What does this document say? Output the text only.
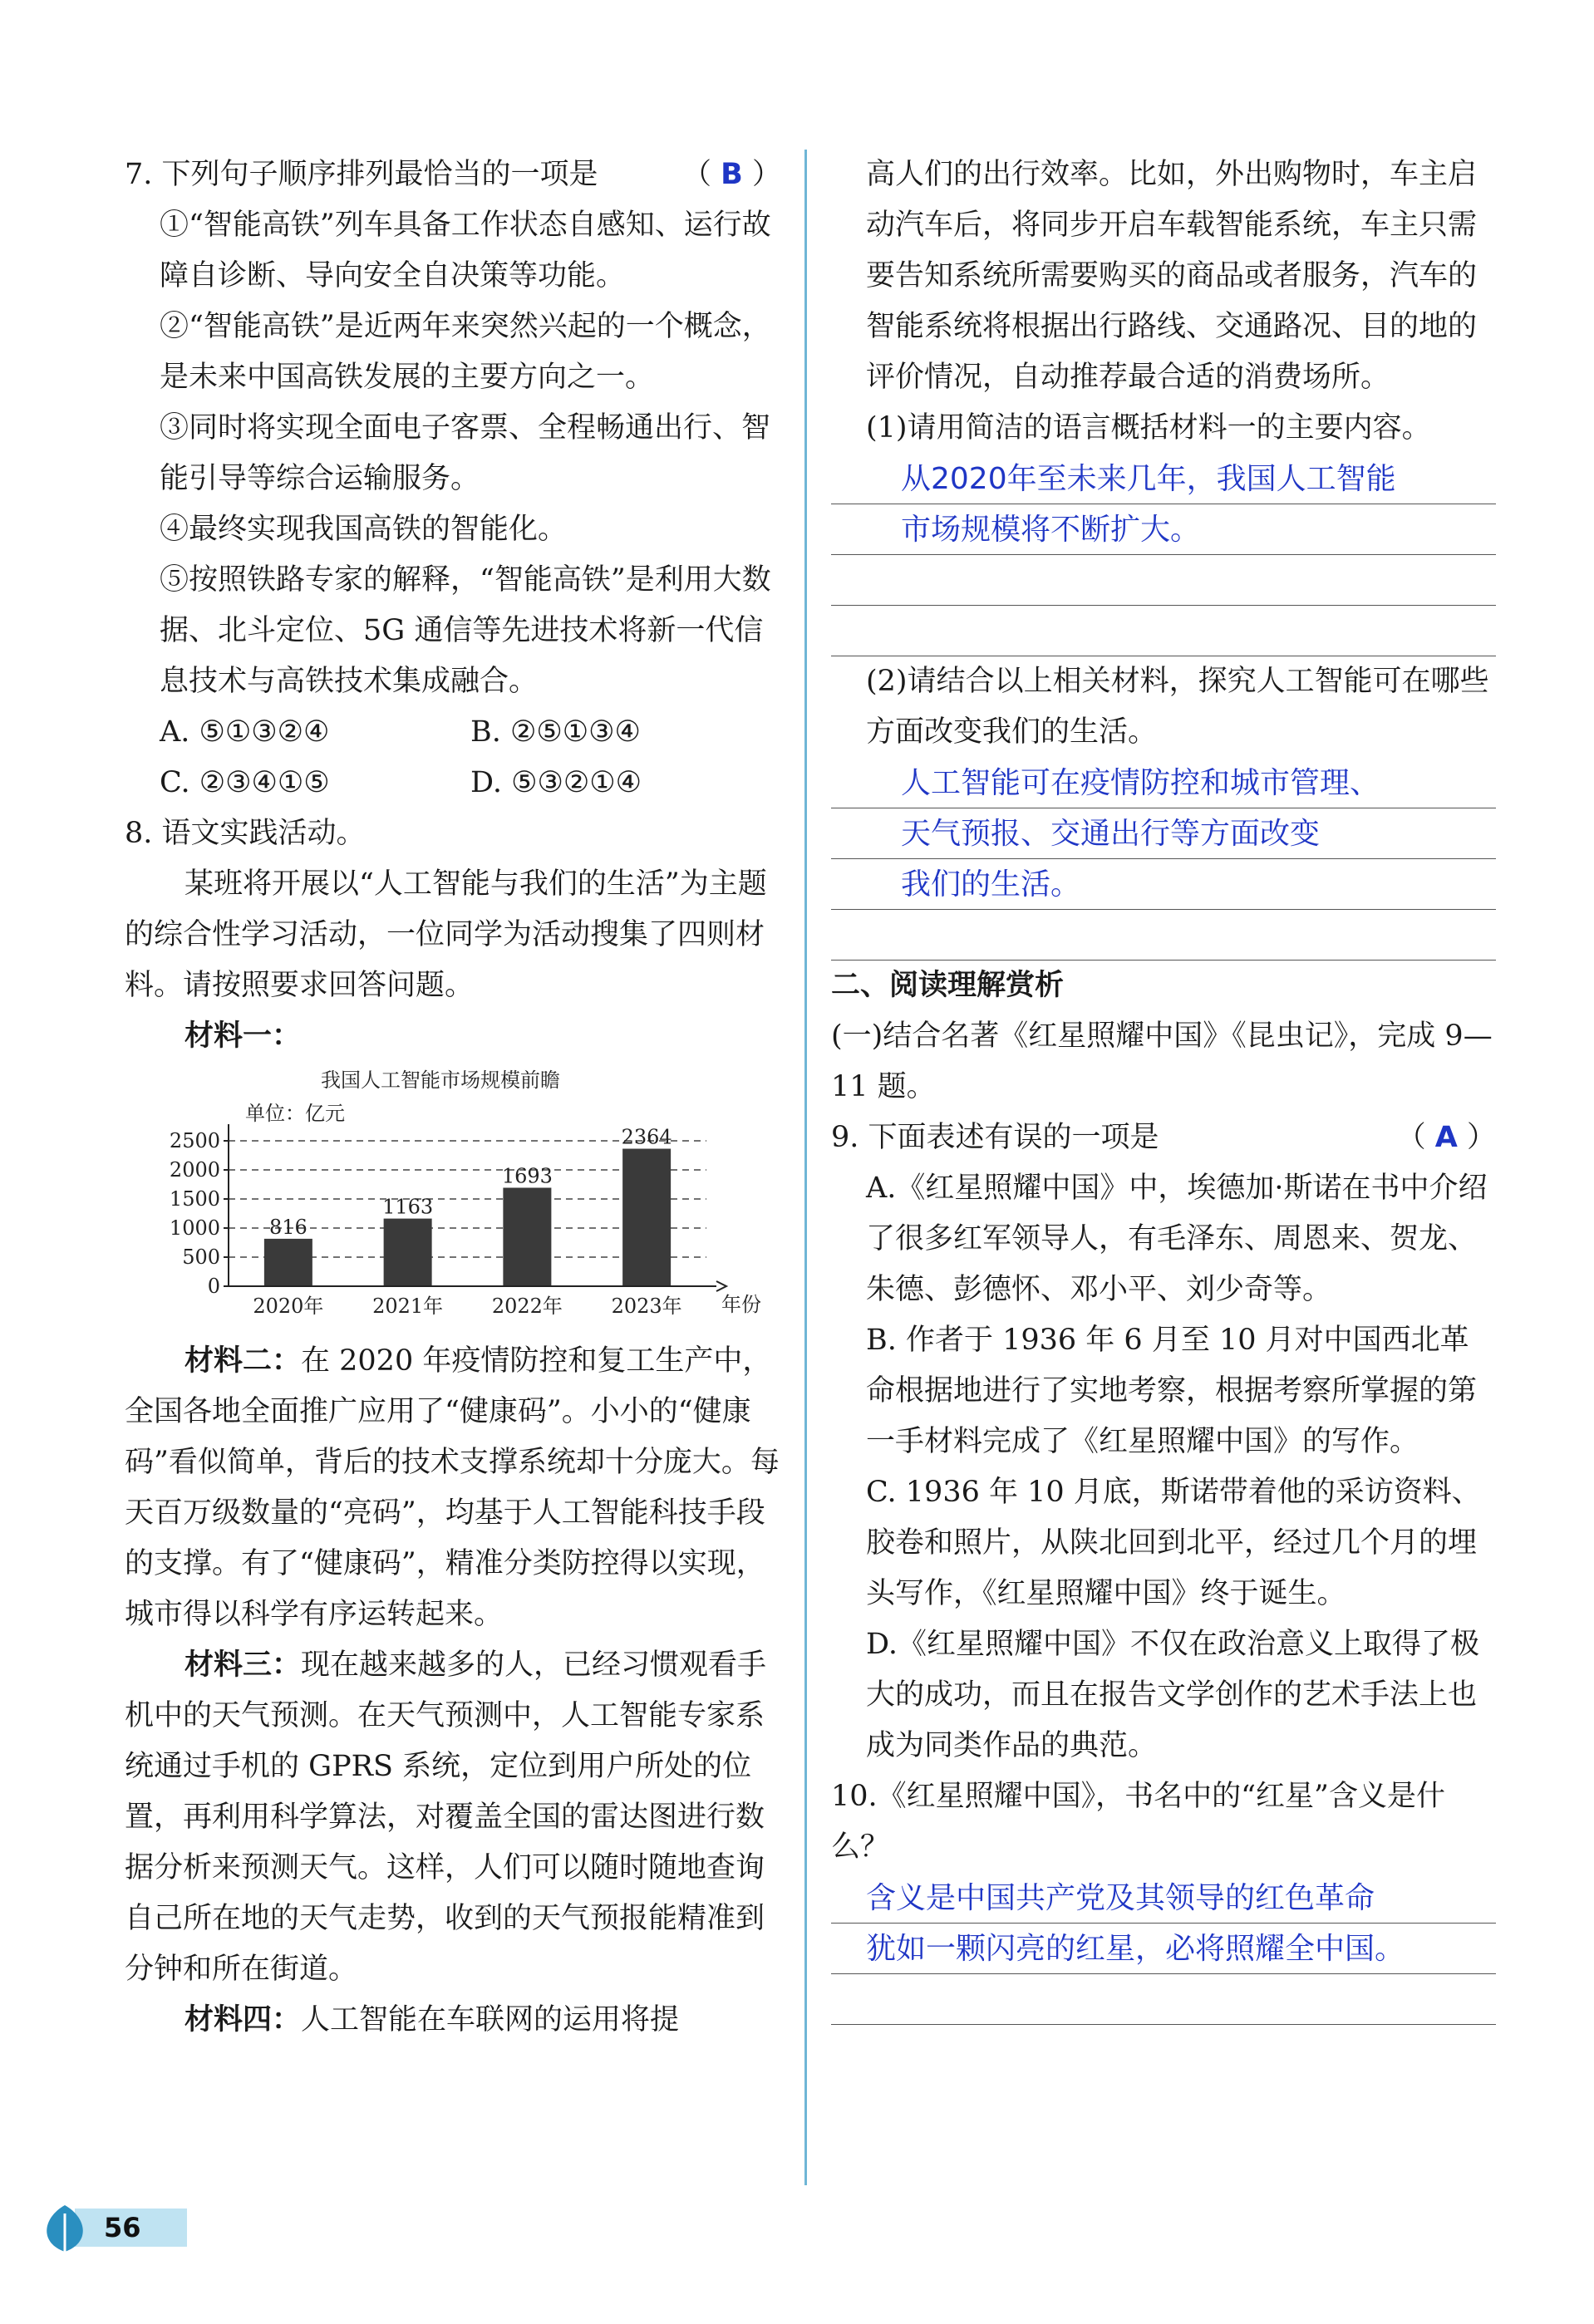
7. 下列句子顺序排列最恰当的一项是	（ B ）

①“智能高铁”列车具备工作状态自感知、运行故障自诊断、导向安全自决策等功能。

②“智能高铁”是近两年来突然兴起的一个概念，是未来中国高铁发展的主要方向之一。

③同时将实现全面电子客票、全程畅通出行、智能引导等综合运输服务。

④最终实现我国高铁的智能化。

⑤按照铁路专家的解释，“智能高铁”是利用大数据、北斗定位、5G 通信等先进技术将新一代信息技术与高铁技术集成融合。

A. ⑤①③②④	B. ②⑤①③④
C. ②③④①⑤	D. ⑤③②①④

8. 语文实践活动。

某班将开展以“人工智能与我们的生活”为主题的综合性学习活动，一位同学为活动搜集了四则材料。请按照要求回答问题。

材料一：

我国人工智能市场规模前瞻
单位：亿元
816
2020年
1163
2021年
1693
2022年
2364
2023年
0
500
1000
1500
2000
2500
年份

材料二：在 2020 年疫情防控和复工生产中，全国各地全面推广应用了“健康码”。小小的“健康码”看似简单，背后的技术支撑系统却十分庞大。每天百万级数量的“亮码”，均基于人工智能科技手段的支撑。有了“健康码”，精准分类防控得以实现，城市得以科学有序运转起来。

材料三：现在越来越多的人，已经习惯观看手机中的天气预测。在天气预测中，人工智能专家系统通过手机的 GPRS 系统，定位到用户所处的位置，再利用科学算法，对覆盖全国的雷达图进行数据分析来预测天气。这样，人们可以随时随地查询自己所在地的天气走势，收到的天气预报能精准到分钟和所在街道。

材料四：人工智能在车联网的运用将提

高人们的出行效率。比如，外出购物时，车主启动汽车后，将同步开启车载智能系统，车主只需要告知系统所需要购买的商品或者服务，汽车的智能系统将根据出行路线、交通路况、目的地的评价情况，自动推荐最合适的消费场所。

(1)请用简洁的语言概括材料一的主要内容。

从2020年至未来几年，我国人工智能
市场规模将不断扩大。

(2)请结合以上相关材料，探究人工智能可在哪些方面改变我们的生活。

人工智能可在疫情防控和城市管理、
天气预报、交通出行等方面改变
我们的生活。

二、阅读理解赏析

(一)结合名著《红星照耀中国》《昆虫记》，完成 9—11 题。

9. 下面表述有误的一项是	（ A ）

A.《红星照耀中国》中，埃德加·斯诺在书中介绍了很多红军领导人，有毛泽东、周恩来、贺龙、朱德、彭德怀、邓小平、刘少奇等。

B. 作者于 1936 年 6 月至 10 月对中国西北革命根据地进行了实地考察，根据考察所掌握的第一手材料完成了《红星照耀中国》的写作。

C. 1936 年 10 月底，斯诺带着他的采访资料、胶卷和照片，从陕北回到北平，经过几个月的埋头写作，《红星照耀中国》终于诞生。

D.《红星照耀中国》不仅在政治意义上取得了极大的成功，而且在报告文学创作的艺术手法上也成为同类作品的典范。

10.《红星照耀中国》，书名中的“红星”含义是什么？

含义是中国共产党及其领导的红色革命
犹如一颗闪亮的红星，必将照耀全中国。
56
